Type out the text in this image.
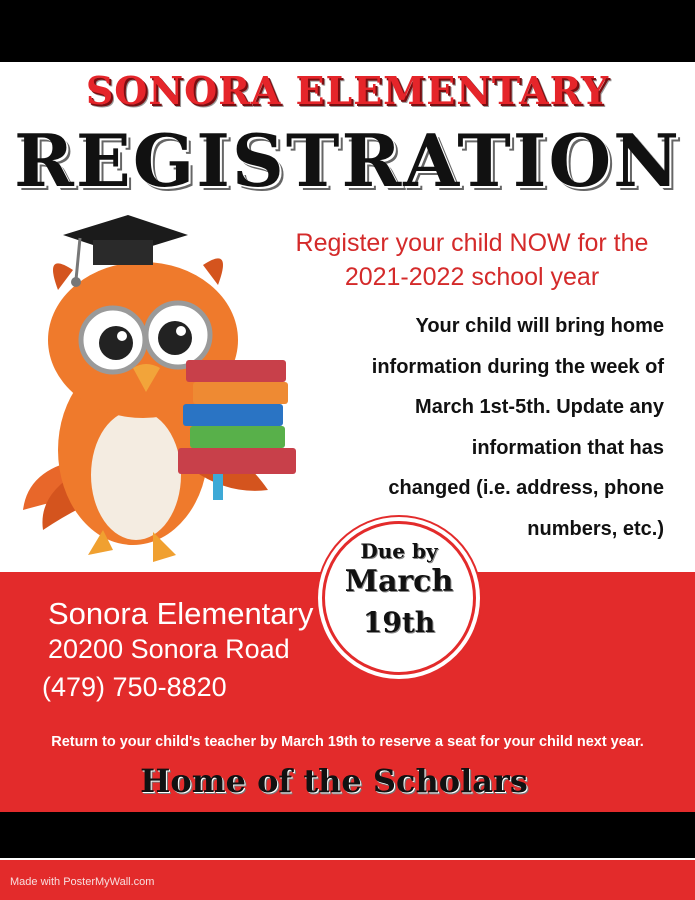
SONORA ELEMENTARY
REGISTRATION
Register your child NOW for the
2021-2022 school year
Your child will bring home
information during the week of
March 1st-5th. Update any
information that has
changed (i.e. address, phone
numbers, etc.)
Sonora Elementary
20200 Sonora Road
(479) 750-8820
Return to your child's teacher by March 19th to reserve a seat for your child next year.
Home of the Scholars
Due by
March
19th
Made with PosterMyWall.com
